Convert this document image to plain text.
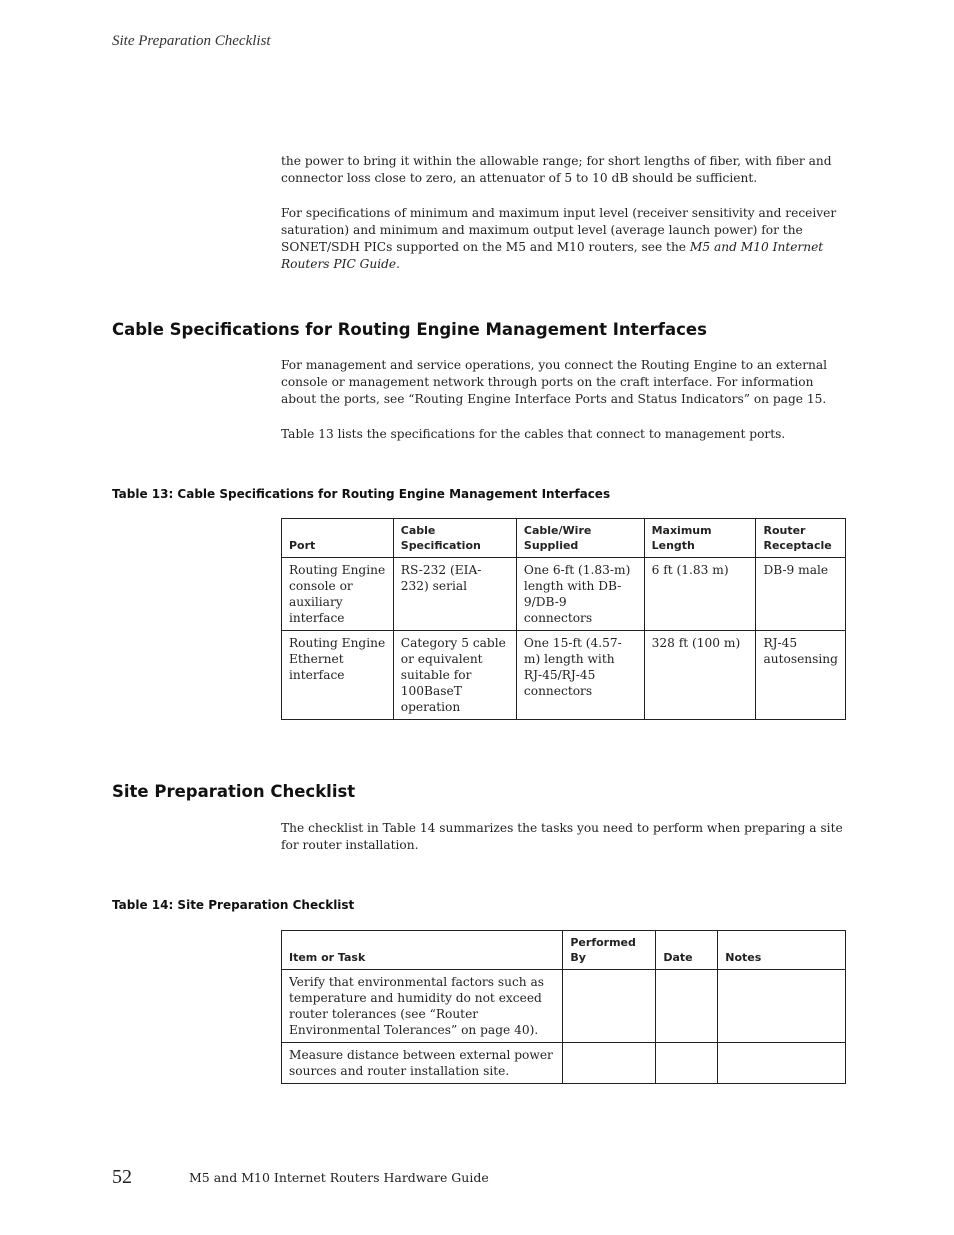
Site Preparation Checklist

the power to bring it within the allowable range; for short lengths of fiber, with fiber and connector loss close to zero, an attenuator of 5 to 10 dB should be sufficient.

For specifications of minimum and maximum input level (receiver sensitivity and receiver saturation) and minimum and maximum output level (average launch power) for the SONET/SDH PICs supported on the M5 and M10 routers, see the M5 and M10 Internet Routers PIC Guide.

Cable Specifications for Routing Engine Management Interfaces

For management and service operations, you connect the Routing Engine to an external console or management network through ports on the craft interface. For information about the ports, see “Routing Engine Interface Ports and Status Indicators” on page 15.

Table 13 lists the specifications for the cables that connect to management ports.

Table 13: Cable Specifications for Routing Engine Management Interfaces
Port	Cable Specification	Cable/Wire Supplied	Maximum Length	Router Receptacle
Routing Engine console or auxiliary interface	RS-232 (EIA-232) serial	One 6-ft (1.83-m) length with DB-9/DB-9 connectors	6 ft (1.83 m)	DB-9 male
Routing Engine Ethernet interface	Category 5 cable or equivalent suitable for 100BaseT operation	One 15-ft (4.57-m) length with RJ-45/RJ-45 connectors	328 ft (100 m)	RJ-45 autosensing
Site Preparation Checklist

The checklist in Table 14 summarizes the tasks you need to perform when preparing a site for router installation.

Table 14: Site Preparation Checklist
Item or Task	Performed By	Date	Notes
Verify that environmental factors such as temperature and humidity do not exceed router tolerances (see “Router Environmental Tolerances” on page 40).			
Measure distance between external power sources and router installation site.			
52	M5 and M10 Internet Routers Hardware Guide
